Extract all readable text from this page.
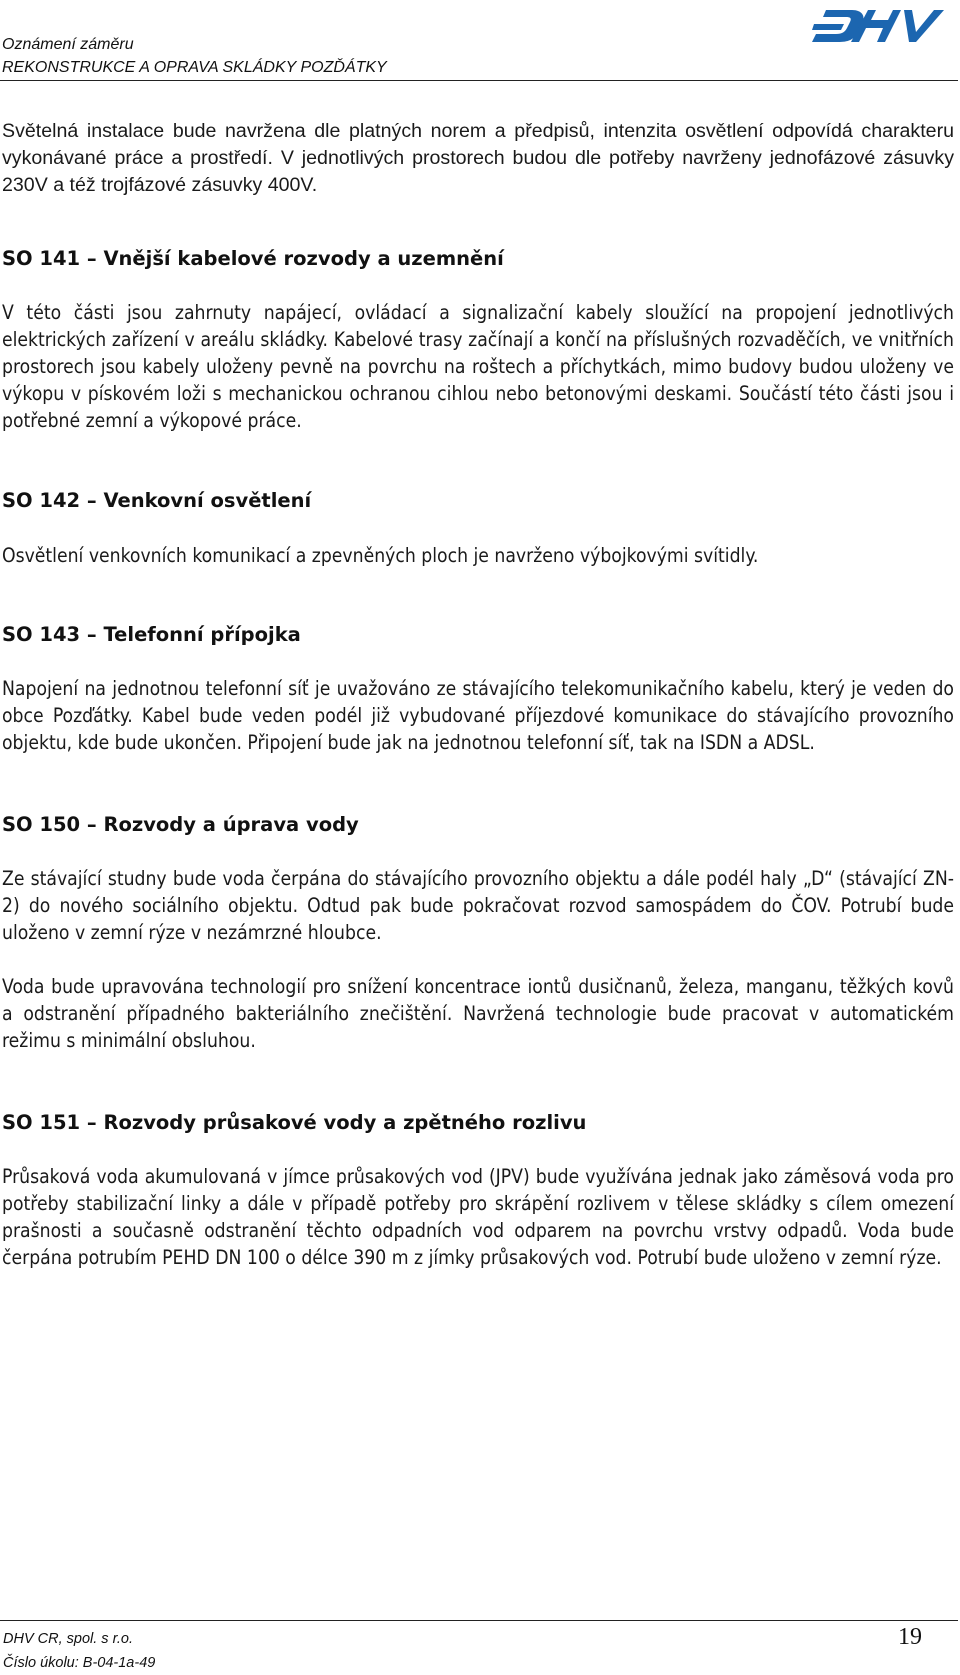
Oznámení záměru
REKONSTRUKCE A OPRAVA SKLÁDKY POZĎÁTKY

Světelná instalace bude navržena dle platných norem a předpisů, intenzita osvětlení odpovídá charakteru vykonávané práce a prostředí. V jednotlivých prostorech budou dle potřeby navrženy jednofázové zásuvky 230V a též trojfázové zásuvky 400V.

SO 141 – Vnější kabelové rozvody a uzemnění

V této části jsou zahrnuty napájecí, ovládací a signalizační kabely sloužící na propojení jednotlivých elektrických zařízení v areálu skládky. Kabelové trasy začínají a končí na příslušných rozvaděčích, ve vnitřních prostorech jsou kabely uloženy pevně na povrchu na roštech a příchytkách, mimo budovy budou uloženy ve výkopu v pískovém loži s mechanickou ochranou cihlou nebo betonovými deskami. Součástí této části jsou i potřebné zemní a výkopové práce.

SO 142 – Venkovní osvětlení

Osvětlení venkovních komunikací a zpevněných ploch je navrženo výbojkovými svítidly.

SO 143 – Telefonní přípojka

Napojení na jednotnou telefonní síť je uvažováno ze stávajícího telekomunikačního kabelu, který je veden do obce Pozďátky. Kabel bude veden podél již vybudované příjezdové komunikace do stávajícího provozního objektu, kde bude ukončen. Připojení bude jak na jednotnou telefonní síť, tak na ISDN a ADSL.

SO 150 – Rozvody a úprava vody

Ze stávající studny bude voda čerpána do stávajícího provozního objektu a dále podél haly „D“ (stávající ZN-2) do nového sociálního objektu. Odtud pak bude pokračovat rozvod samospádem do ČOV. Potrubí bude uloženo v zemní rýze v nezámrzné hloubce.

Voda bude upravována technologií pro snížení koncentrace iontů dusičnanů, železa, manganu, těžkých kovů a odstranění případného bakteriálního znečištění. Navržená technologie bude pracovat v automatickém režimu s minimální obsluhou.

SO 151 – Rozvody průsakové vody a zpětného rozlivu

Průsaková voda akumulovaná v jímce průsakových vod (JPV) bude využívána jednak jako záměsová voda pro potřeby stabilizační linky a dále v případě potřeby pro skrápění rozlivem v tělese skládky s cílem omezení prašnosti a současně odstranění těchto odpadních vod odparem na povrchu vrstvy odpadů. Voda bude čerpána potrubím PEHD DN 100 o délce 390 m z jímky průsakových vod. Potrubí bude uloženo v zemní rýze.

DHV CR, spol. s r.o.
Číslo úkolu: B-04-1a-49
19
